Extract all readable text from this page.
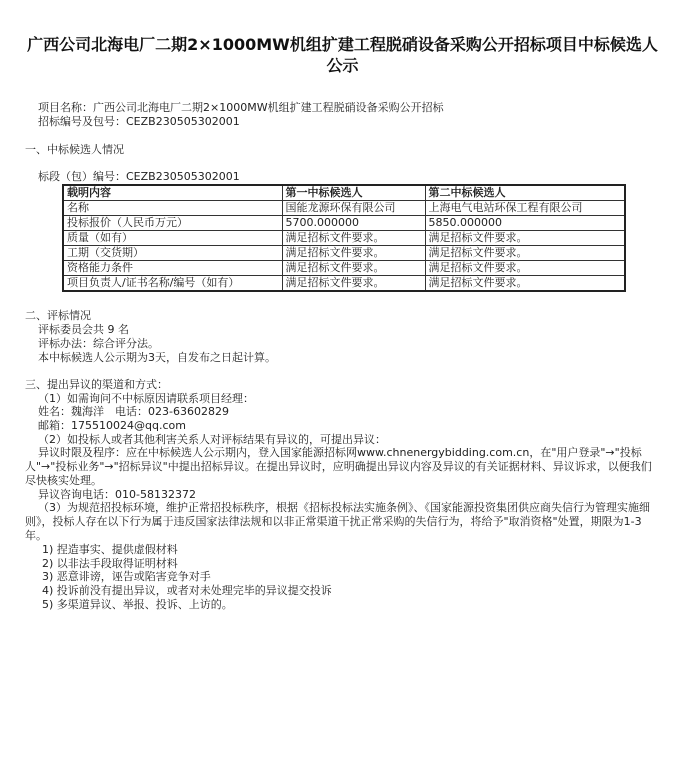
广西公司北海电厂二期2×1000MW机组扩建工程脱硝设备采购公开招标项目中标候选人公示
项目名称：广西公司北海电厂二期2×1000MW机组扩建工程脱硝设备采购公开招标
招标编号及包号：CEZB230505302001
一、中标候选人情况
标段（包）编号：CEZB230505302001
载明内容	第一中标候选人	第二中标候选人
名称	国能龙源环保有限公司	上海电气电站环保工程有限公司
投标报价（人民币万元）	5700.000000	5850.000000
质量（如有）	满足招标文件要求。	满足招标文件要求。
工期（交货期）	满足招标文件要求。	满足招标文件要求。
资格能力条件	满足招标文件要求。	满足招标文件要求。
项目负责人/证书名称/编号（如有）	满足招标文件要求。	满足招标文件要求。
二、评标情况
评标委员会共 9 名
评标办法：综合评分法。
本中标候选人公示期为3天，自发布之日起计算。
三、提出异议的渠道和方式：
（1）如需询问不中标原因请联系项目经理：
姓名：魏海洋　电话：023-63602829
邮箱：175510024@qq.com
（2）如投标人或者其他利害关系人对评标结果有异议的，可提出异议：
异议时限及程序：应在中标候选人公示期内，登入国家能源招标网www.chnenergybidding.com.cn，在"用户登录"→"投标人"→"投标业务"→"招标异议"中提出招标异议。在提出异议时，应明确提出异议内容及异议的有关证据材料、异议诉求，以便我们尽快核实处理。
异议咨询电话：010-58132372
（3）为规范招投标环境，维护正常招投标秩序，根据《招标投标法实施条例》、《国家能源投资集团供应商失信行为管理实施细则》，投标人存在以下行为属于违反国家法律法规和以非正常渠道干扰正常采购的失信行为，将给予"取消资格"处置，期限为1-3年。
1) 捏造事实、提供虚假材料
2) 以非法手段取得证明材料
3) 恶意诽谤，诬告或陷害竞争对手
4) 投诉前没有提出异议，或者对未处理完毕的异议提交投诉
5) 多渠道异议、举报、投诉、上访的。
